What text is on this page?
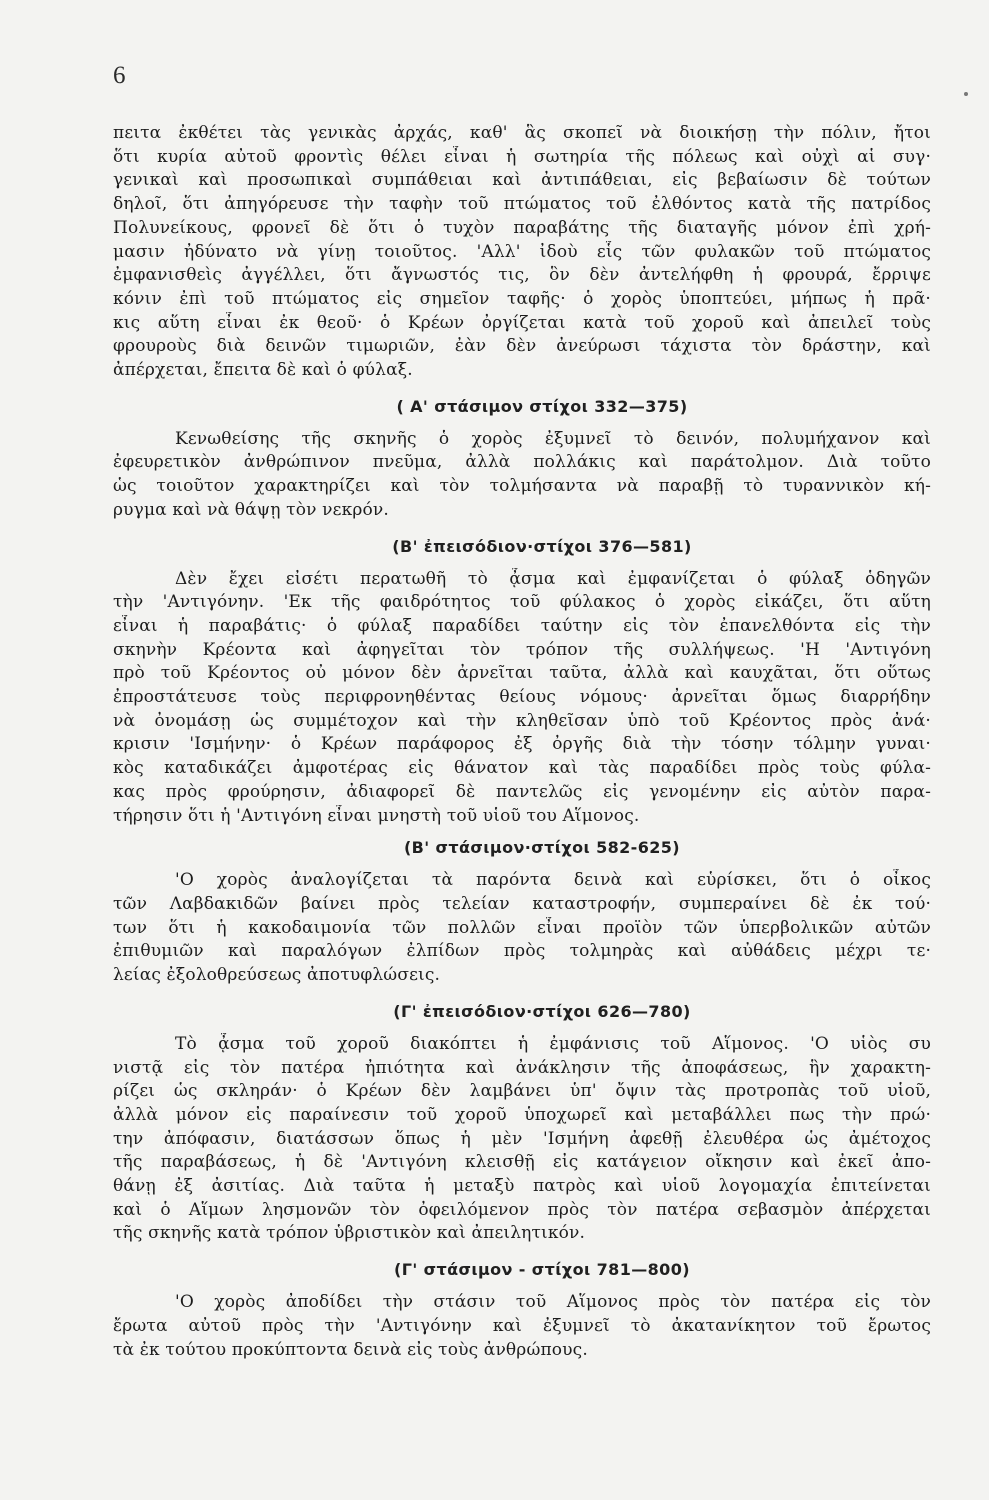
6

πειτα ἐκθέτει τὰς γενικὰς ἀρχάς, καθ' ἃς σκοπεῖ νὰ διοικήσῃ τὴν πόλιν, ἤτοι
ὅτι κυρία αὐτοῦ φροντὶς θέλει εἶναι ἡ σωτηρία τῆς πόλεως καὶ οὐχὶ αἱ συγ·
γενικαὶ καὶ προσωπικαὶ συμπάθειαι καὶ ἀντιπάθειαι, εἰς βεβαίωσιν δὲ τούτων
δηλοῖ, ὅτι ἀπηγόρευσε τὴν ταφὴν τοῦ πτώματος τοῦ ἐλθόντος κατὰ τῆς πατρίδος
Πολυνείκους, φρονεῖ δὲ ὅτι ὁ τυχὸν παραβάτης τῆς διαταγῆς μόνον ἐπὶ χρή-
μασιν ἠδύνατο νὰ γίνῃ τοιοῦτος. 'Αλλ' ἰδοὺ εἷς τῶν φυλακῶν τοῦ πτώματος
ἐμφανισθεὶς ἀγγέλλει, ὅτι ἄγνωστός τις, ὃν δὲν ἀντελήφθη ἡ φρουρά, ἔρριψε
κόνιν ἐπὶ τοῦ πτώματος εἰς σημεῖον ταφῆς· ὁ χορὸς ὑποπτεύει, μήπως ἡ πρᾶ·
κις αὕτη εἶναι ἐκ θεοῦ· ὁ Κρέων ὀργίζεται κατὰ τοῦ χοροῦ καὶ ἀπειλεῖ τοὺς
φρουροὺς διὰ δεινῶν τιμωριῶν, ἐὰν δὲν ἀνεύρωσι τάχιστα τὸν δράστην, καὶ
ἀπέρχεται, ἔπειτα δὲ καὶ ὁ φύλαξ.

( Α' στάσιμον στίχοι 332—375)

Κενωθείσης τῆς σκηνῆς ὁ χορὸς ἐξυμνεῖ τὸ δεινόν, πολυμήχανον καὶ
ἐφευρετικὸν ἀνθρώπινον πνεῦμα, ἀλλὰ πολλάκις καὶ παράτολμον. Διὰ τοῦτο
ὡς τοιοῦτον χαρακτηρίζει καὶ τὸν τολμήσαντα νὰ παραβῇ τὸ τυραννικὸν κή-
ρυγμα καὶ νὰ θάψῃ τὸν νεκρόν.

(Β' ἐπεισόδιον·στίχοι 376—581)

Δὲν ἔχει εἰσέτι περατωθῆ τὸ ᾆσμα καὶ ἐμφανίζεται ὁ φύλαξ ὁδηγῶν
τὴν 'Αντιγόνην. 'Εκ τῆς φαιδρότητος τοῦ φύλακος ὁ χορὸς εἰκάζει, ὅτι αὕτη
εἶναι ἡ παραβάτις· ὁ φύλαξ παραδίδει ταύτην εἰς τὸν ἐπανελθόντα εἰς τὴν
σκηνὴν Κρέοντα καὶ ἀφηγεῖται τὸν τρόπον τῆς συλλήψεως. 'Η 'Αντιγόνη
πρὸ τοῦ Κρέοντος οὐ μόνον δὲν ἀρνεῖται ταῦτα, ἀλλὰ καὶ καυχᾶται, ὅτι οὕτως
ἐπροστάτευσε τοὺς περιφρονηθέντας θείους νόμους· ἀρνεῖται ὅμως διαρρήδην
νὰ ὀνομάσῃ ὡς συμμέτοχον καὶ τὴν κληθεῖσαν ὑπὸ τοῦ Κρέοντος πρὸς ἀνά·
κρισιν 'Ισμήνην· ὁ Κρέων παράφορος ἐξ ὀργῆς διὰ τὴν τόσην τόλμην γυναι·
κὸς καταδικάζει ἀμφοτέρας εἰς θάνατον καὶ τὰς παραδίδει πρὸς τοὺς φύλα-
κας πρὸς φρούρησιν, ἀδιαφορεῖ δὲ παντελῶς εἰς γενομένην εἰς αὐτὸν παρα-
τήρησιν ὅτι ἡ 'Αντιγόνη εἶναι μνηστὴ τοῦ υἱοῦ του Αἵμονος.

(Β' στάσιμον·στίχοι 582-625)

'Ο χορὸς ἀναλογίζεται τὰ παρόντα δεινὰ καὶ εὑρίσκει, ὅτι ὁ οἶκος
τῶν Λαβδακιδῶν βαίνει πρὸς τελείαν καταστροφήν, συμπεραίνει δὲ ἐκ τού·
των ὅτι ἡ κακοδαιμονία τῶν πολλῶν εἶναι προϊὸν τῶν ὑπερβολικῶν αὐτῶν
ἐπιθυμιῶν καὶ παραλόγων ἐλπίδων πρὸς τολμηρὰς καὶ αὐθάδεις μέχρι τε·
λείας ἐξολοθρεύσεως ἀποτυφλώσεις.

(Γ' ἐπεισόδιον·στίχοι 626—780)

Τὸ ᾆσμα τοῦ χοροῦ διακόπτει ἡ ἐμφάνισις τοῦ Αἵμονος. 'Ο υἱὸς συ
νιστᾷ εἰς τὸν πατέρα ἠπιότητα καὶ ἀνάκλησιν τῆς ἀποφάσεως, ἣν χαρακτη-
ρίζει ὡς σκληράν· ὁ Κρέων δὲν λαμβάνει ὑπ' ὄψιν τὰς προτροπὰς τοῦ υἱοῦ,
ἀλλὰ μόνον εἰς παραίνεσιν τοῦ χοροῦ ὑποχωρεῖ καὶ μεταβάλλει πως τὴν πρώ·
την ἀπόφασιν, διατάσσων ὅπως ἡ μὲν 'Ισμήνη ἀφεθῇ ἐλευθέρα ὡς ἀμέτοχος
τῆς παραβάσεως, ἡ δὲ 'Αντιγόνη κλεισθῇ εἰς κατάγειον οἴκησιν καὶ ἐκεῖ ἀπο-
θάνῃ ἐξ ἀσιτίας. Διὰ ταῦτα ἡ μεταξὺ πατρὸς καὶ υἱοῦ λογομαχία ἐπιτείνεται
καὶ ὁ Αἵμων λησμονῶν τὸν ὀφειλόμενον πρὸς τὸν πατέρα σεβασμὸν ἀπέρχεται
τῆς σκηνῆς κατὰ τρόπον ὑβριστικὸν καὶ ἀπειλητικόν.

(Γ' στάσιμον - στίχοι 781—800)

'Ο χορὸς ἀποδίδει τὴν στάσιν τοῦ Αἵμονος πρὸς τὸν πατέρα εἰς τὸν
ἔρωτα αὐτοῦ πρὸς τὴν 'Αντιγόνην καὶ ἐξυμνεῖ τὸ ἀκατανίκητον τοῦ ἔρωτος
τὰ ἐκ τούτου προκύπτοντα δεινὰ εἰς τοὺς ἀνθρώπους.
